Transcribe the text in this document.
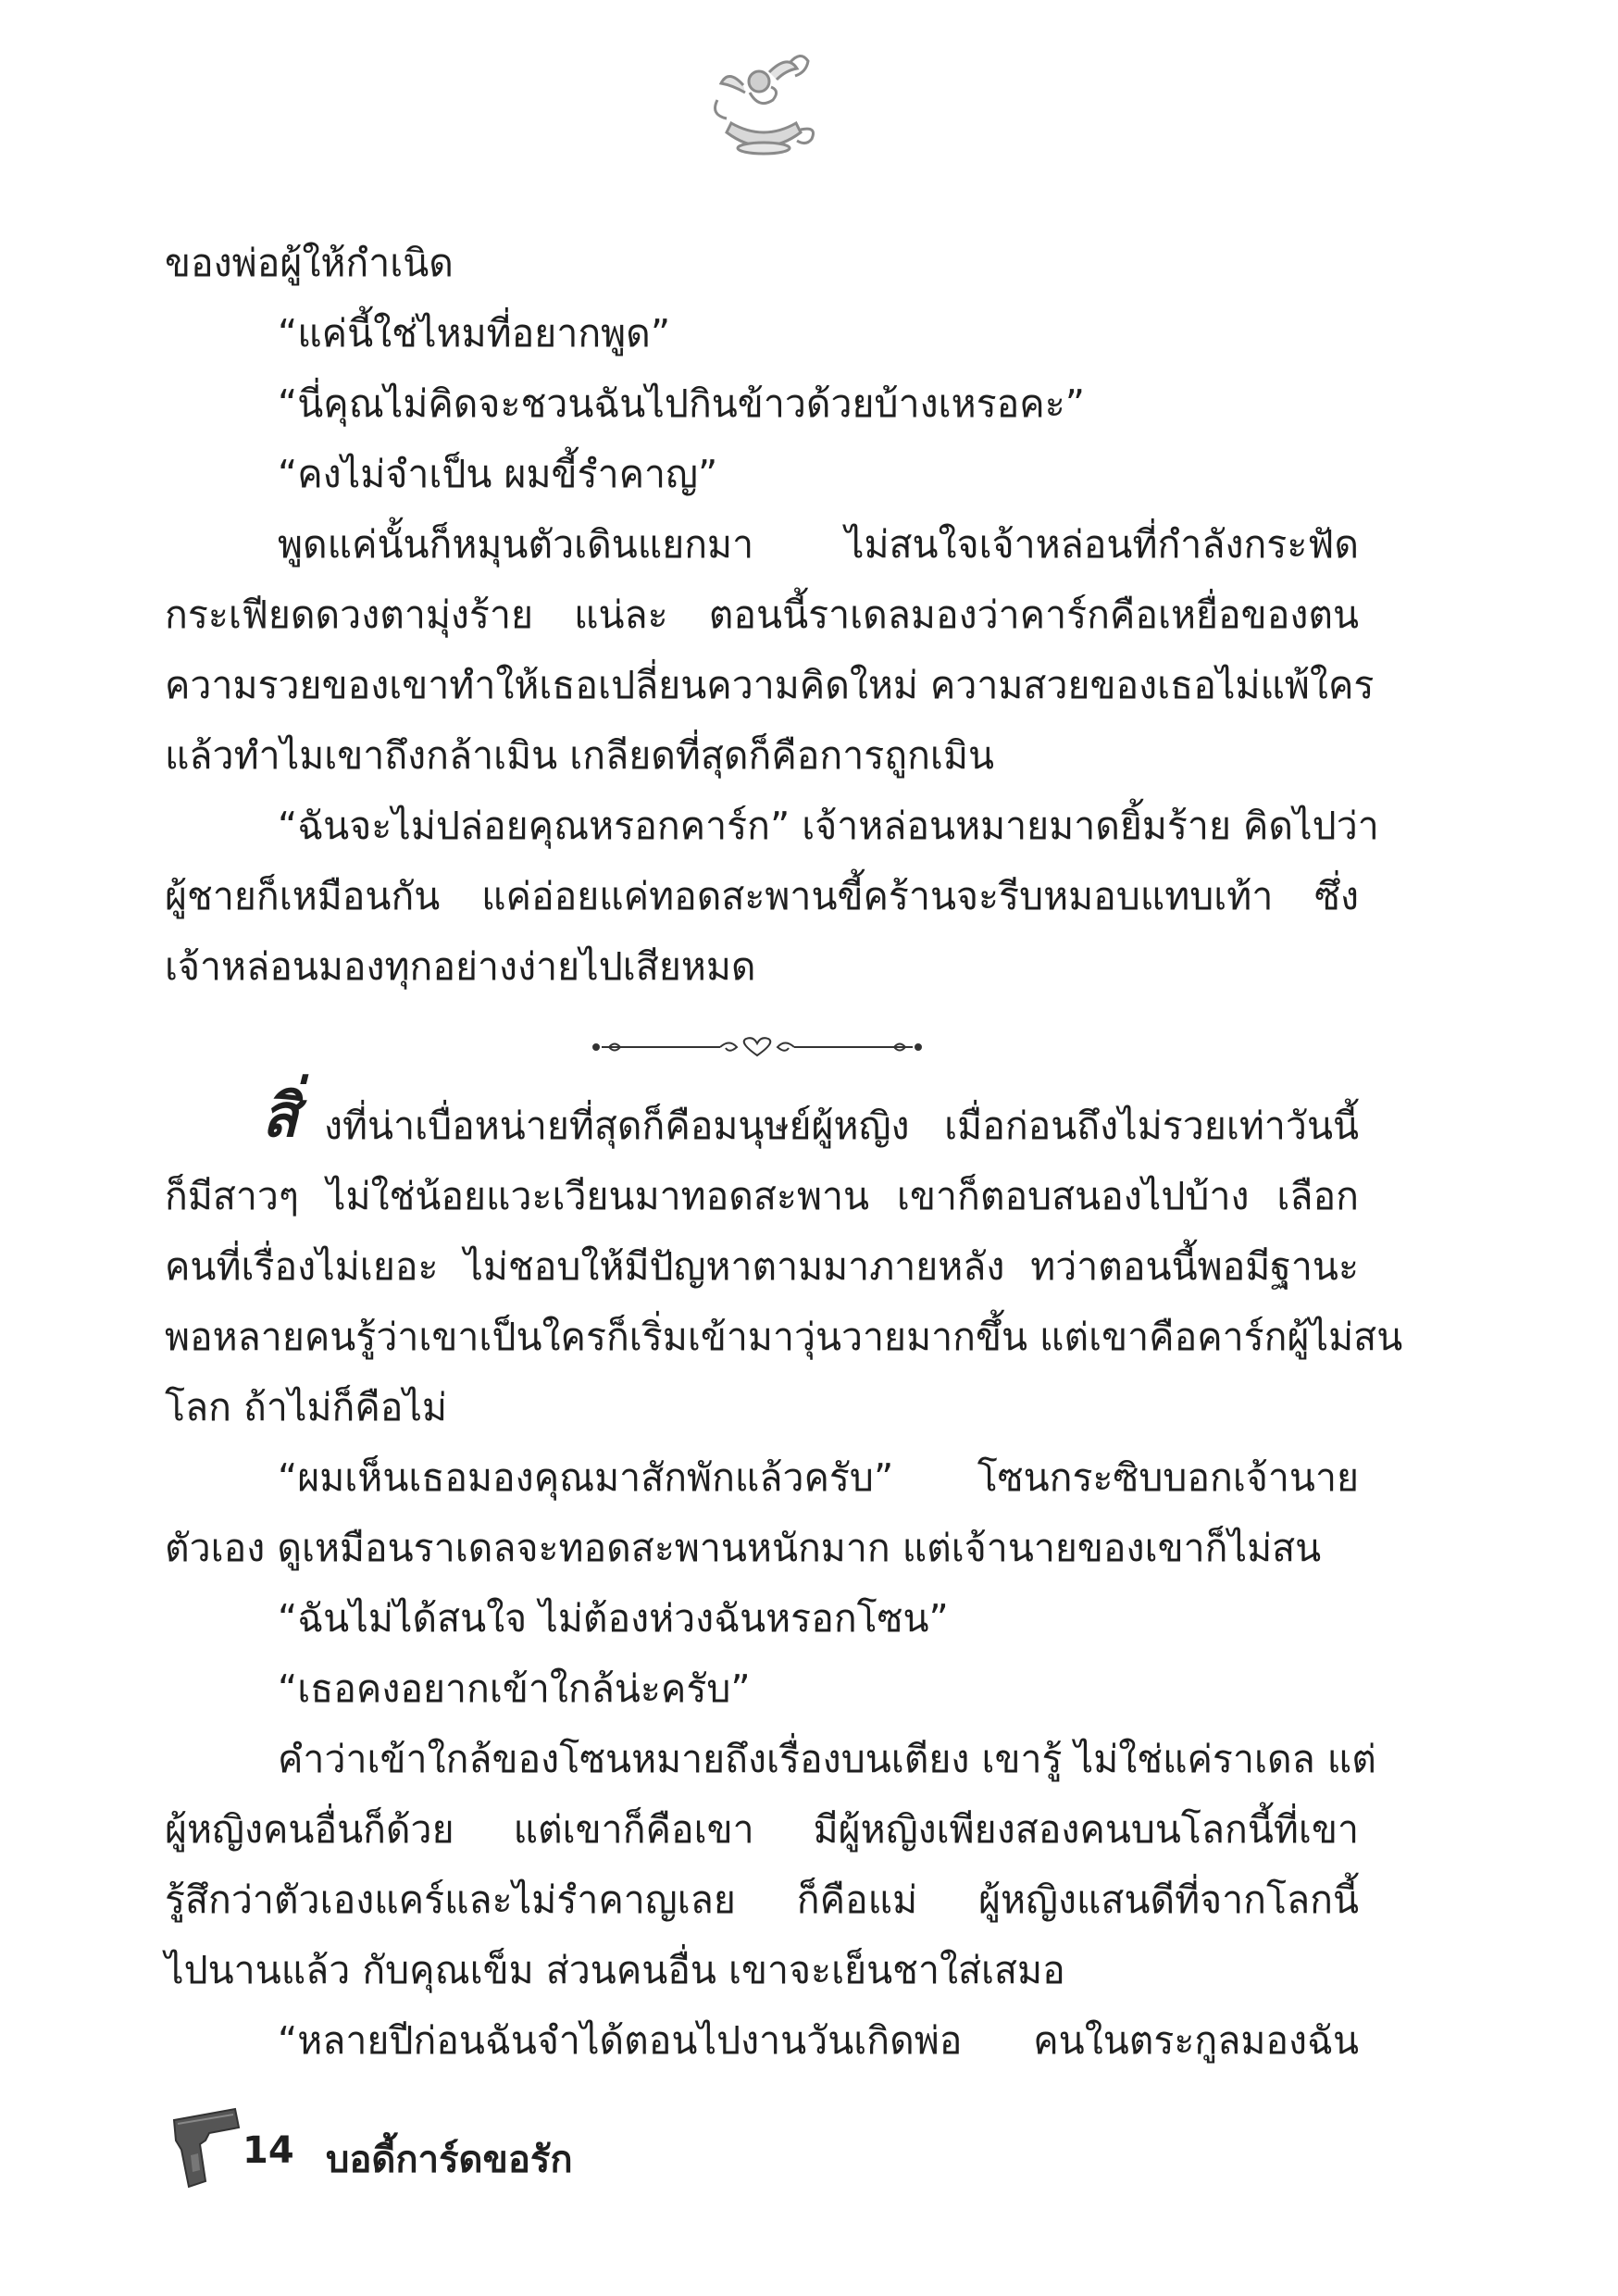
ของพ่อผู้ให้กำเนิด

“แค่นี้ใช่ไหมที่อยากพูด”

“นี่คุณไม่คิดจะชวนฉันไปกินข้าวด้วยบ้างเหรอคะ”

“คงไม่จำเป็น ผมขี้รำคาญ”

พูดแค่นั้นก็หมุนตัวเดินแยกมา ไม่สนใจเจ้าหล่อนที่กำลังกระฟัด

กระเฟียดดวงตามุ่งร้าย แน่ละ ตอนนี้ราเดลมองว่าคาร์กคือเหยื่อของตน

ความรวยของเขาทำให้เธอเปลี่ยนความคิดใหม่ ความสวยของเธอไม่แพ้ใคร

แล้วทำไมเขาถึงกล้าเมิน เกลียดที่สุดก็คือการถูกเมิน

“ฉันจะไม่ปล่อยคุณหรอกคาร์ก” เจ้าหล่อนหมายมาดยิ้มร้าย คิดไปว่า

ผู้ชายก็เหมือนกัน แค่อ่อยแค่ทอดสะพานขี้คร้านจะรีบหมอบแทบเท้า ซึ่ง

เจ้าหล่อนมองทุกอย่างง่ายไปเสียหมด

สิ่ งที่น่าเบื่อหน่ายที่สุดก็คือมนุษย์ผู้หญิง เมื่อก่อนถึงไม่รวยเท่าวันนี้

ก็มีสาวๆ ไม่ใช่น้อยแวะเวียนมาทอดสะพาน เขาก็ตอบสนองไปบ้าง เลือก

คนที่เรื่องไม่เยอะ ไม่ชอบให้มีปัญหาตามมาภายหลัง ทว่าตอนนี้พอมีฐานะ

พอหลายคนรู้ว่าเขาเป็นใครก็เริ่มเข้ามาวุ่นวายมากขึ้น แต่เขาคือคาร์กผู้ไม่สน

โลก ถ้าไม่ก็คือไม่

“ผมเห็นเธอมองคุณมาสักพักแล้วครับ” โซนกระซิบบอกเจ้านาย

ตัวเอง ดูเหมือนราเดลจะทอดสะพานหนักมาก แต่เจ้านายของเขาก็ไม่สน

“ฉันไม่ได้สนใจ ไม่ต้องห่วงฉันหรอกโซน”

“เธอคงอยากเข้าใกล้น่ะครับ”

คำว่าเข้าใกล้ของโซนหมายถึงเรื่องบนเตียง เขารู้ ไม่ใช่แค่ราเดล แต่

ผู้หญิงคนอื่นก็ด้วย แต่เขาก็คือเขา มีผู้หญิงเพียงสองคนบนโลกนี้ที่เขา

รู้สึกว่าตัวเองแคร์และไม่รำคาญเลย ก็คือแม่ ผู้หญิงแสนดีที่จากโลกนี้

ไปนานแล้ว กับคุณเข็ม ส่วนคนอื่น เขาจะเย็นชาใส่เสมอ

“หลายปีก่อนฉันจำได้ตอนไปงานวันเกิดพ่อ คนในตระกูลมองฉัน

14 บอดี้การ์ดขอรัก
